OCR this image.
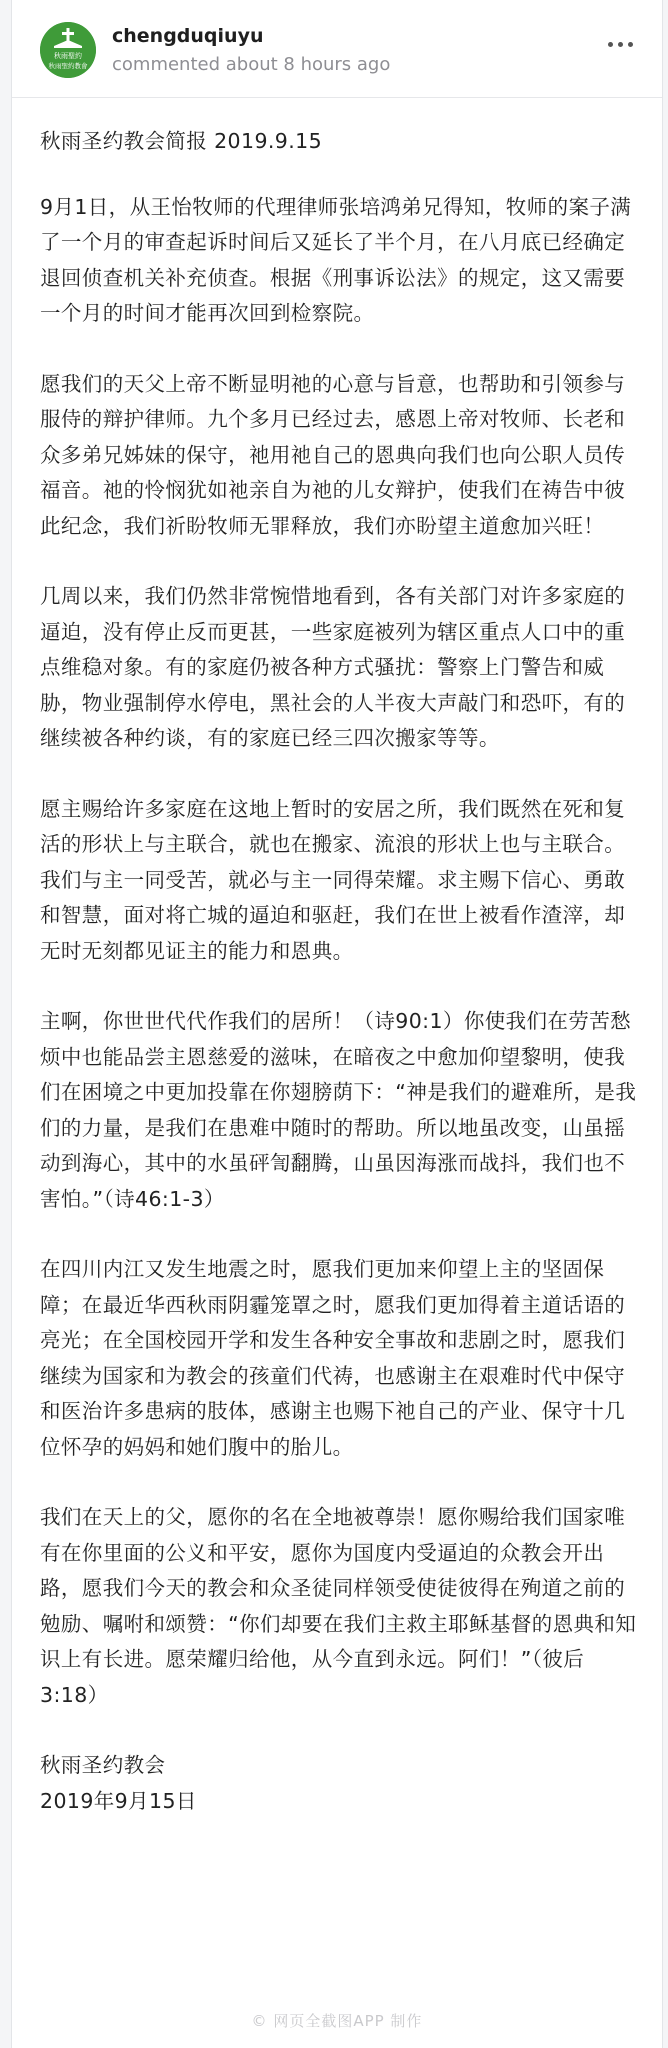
秋雨聖約
秋雨聖約教會
chengduqiuyu
commented about 8 hours ago

秋雨圣约教会简报 2019.9.15

9月1日，从王怡牧师的代理律师张培鸿弟兄得知，牧师的案子满了一个月的审查起诉时间后又延长了半个月，在八月底已经确定退回侦查机关补充侦查。根据《刑事诉讼法》的规定，这又需要一个月的时间才能再次回到检察院。

愿我们的天父上帝不断显明祂的心意与旨意，也帮助和引领参与服侍的辩护律师。九个多月已经过去，感恩上帝对牧师、长老和众多弟兄姊妹的保守，祂用祂自己的恩典向我们也向公职人员传福音。祂的怜悯犹如祂亲自为祂的儿女辩护，使我们在祷告中彼此纪念，我们祈盼牧师无罪释放，我们亦盼望主道愈加兴旺！

几周以来，我们仍然非常惋惜地看到，各有关部门对许多家庭的逼迫，没有停止反而更甚，一些家庭被列为辖区重点人口中的重点维稳对象。有的家庭仍被各种方式骚扰：警察上门警告和威胁，物业强制停水停电，黑社会的人半夜大声敲门和恐吓，有的继续被各种约谈，有的家庭已经三四次搬家等等。

愿主赐给许多家庭在这地上暂时的安居之所，我们既然在死和复活的形状上与主联合，就也在搬家、流浪的形状上也与主联合。我们与主一同受苦，就必与主一同得荣耀。求主赐下信心、勇敢和智慧，面对将亡城的逼迫和驱赶，我们在世上被看作渣滓，却无时无刻都见证主的能力和恩典。

主啊，你世世代代作我们的居所！（诗90:1）你使我们在劳苦愁烦中也能品尝主恩慈爱的滋味，在暗夜之中愈加仰望黎明，使我们在困境之中更加投靠在你翅膀荫下：“神是我们的避难所，是我们的力量，是我们在患难中随时的帮助。所以地虽改变，山虽摇动到海心，其中的水虽砰訇翻腾，山虽因海涨而战抖，我们也不害怕。”（诗46:1-3）

在四川内江又发生地震之时，愿我们更加来仰望上主的坚固保障；在最近华西秋雨阴霾笼罩之时，愿我们更加得着主道话语的亮光；在全国校园开学和发生各种安全事故和悲剧之时，愿我们继续为国家和为教会的孩童们代祷，也感谢主在艰难时代中保守和医治许多患病的肢体，感谢主也赐下祂自己的产业、保守十几位怀孕的妈妈和她们腹中的胎儿。

我们在天上的父，愿你的名在全地被尊崇！愿你赐给我们国家唯有在你里面的公义和平安，愿你为国度内受逼迫的众教会开出路，愿我们今天的教会和众圣徒同样领受使徒彼得在殉道之前的勉励、嘱咐和颂赞：“你们却要在我们主救主耶稣基督的恩典和知识上有长进。愿荣耀归给他，从今直到永远。阿们！”（彼后3:18）

秋雨圣约教会

2019年9月15日

© 网页全截图APP 制作
